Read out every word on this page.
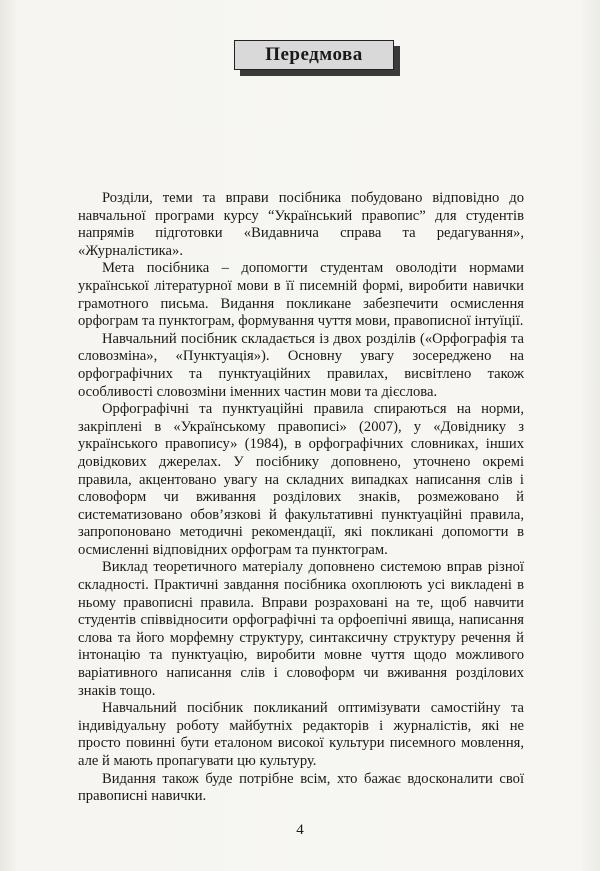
Передмова

Розділи, теми та вправи посібника побудовано відповідно до навчальної програми курсу “Український правопис” для студентів напрямів підготовки «Видавнича справа та редагування», «Журналістика».

Мета посібника – допомогти студентам оволодіти нормами української літературної мови в її писемній формі, виробити навички грамотного письма. Видання покликане забезпечити осмислення орфограм та пунктограм, формування чуття мови, правописної інтуїції.

Навчальний посібник складається із двох розділів («Орфографія та словозміна», «Пунктуація»). Основну увагу зосереджено на орфографічних та пунктуаційних правилах, висвітлено також особливості словозміни іменних частин мови та дієслова.

Орфографічні та пунктуаційні правила спираються на норми, закріплені в «Українському правописі» (2007), у «Довіднику з українського правопису» (1984), в орфографічних словниках, інших довідкових джерелах. У посібнику доповнено, уточнено окремі правила, акцентовано увагу на складних випадках написання слів і словоформ чи вживання розділових знаків, розмежовано й систематизовано обов’язкові й факультативні пунктуаційні правила, запропоновано методичні рекомендації, які покликані допомогти в осмисленні відповідних орфограм та пунктограм.

Виклад теоретичного матеріалу доповнено системою вправ різної складності. Практичні завдання посібника охоплюють усі викладені в ньому правописні правила. Вправи розраховані на те, щоб навчити студентів співвідносити орфографічні та орфоепічні явища, написання слова та його морфемну структуру, синтаксичну структуру речення й інтонацію та пунктуацію, виробити мовне чуття щодо можливого варіативного написання слів і словоформ чи вживання розділових знаків тощо.

Навчальний посібник покликаний оптимізувати самостійну та індивідуальну роботу майбутніх редакторів і журналістів, які не просто повинні бути еталоном високої культури писемного мовлення, але й мають пропагувати цю культуру.

Видання також буде потрібне всім, хто бажає вдосконалити свої правописні навички.

4
